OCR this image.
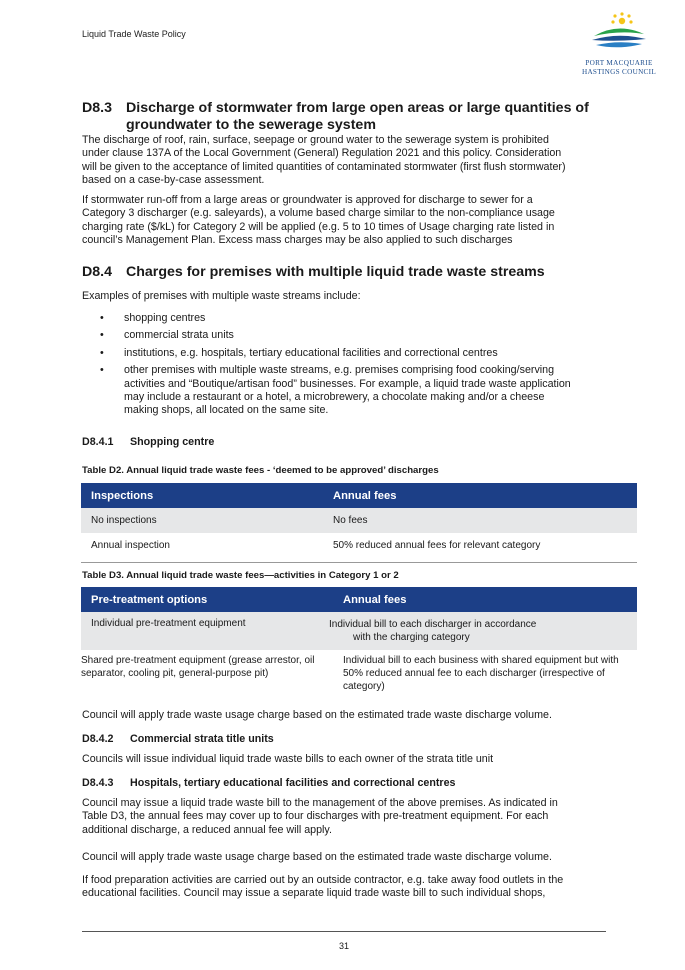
Liquid Trade Waste Policy
PORT MACQUARIE
HASTINGS COUNCIL
D8.3 Discharge of stormwater from large open areas or large quantities of
groundwater to the sewerage system

The discharge of roof, rain, surface, seepage or ground water to the sewerage system is prohibited
under clause 137A of the Local Government (General) Regulation 2021 and this policy. Consideration
will be given to the acceptance of limited quantities of contaminated stormwater (first flush stormwater)
based on a case-by-case assessment.

If stormwater run-off from a large areas or groundwater is approved for discharge to sewer for a
Category 3 discharger (e.g. saleyards), a volume based charge similar to the non-compliance usage
charging rate ($/kL) for Category 2 will be applied (e.g. 5 to 10 times of Usage charging rate listed in
council’s Management Plan. Excess mass charges may be also applied to such discharges

D8.4 Charges for premises with multiple liquid trade waste streams
Examples of premises with multiple waste streams include:
• shopping centres
• commercial strata units
• institutions, e.g. hospitals, tertiary educational facilities and correctional centres
• other premises with multiple waste streams, e.g. premises comprising food cooking/serving
activities and “Boutique/artisan food” businesses. For example, a liquid trade waste application
may include a restaurant or a hotel, a microbrewery, a chocolate making and/or a cheese
making shops, all located on the same site.
D8.4.1 Shopping centre
Table D2. Annual liquid trade waste fees - ‘deemed to be approved’ discharges
Inspections	Annual fees
No inspections	No fees
Annual inspection	50% reduced annual fees for relevant category
Table D3. Annual liquid trade waste fees—activities in Category 1 or 2
Pre-treatment options	Annual fees
Individual pre-treatment equipment	Individual bill to each discharger in accordance
with the charging category
Shared pre-treatment equipment (grease arrestor, oil
separator, cooling pit, general-purpose pit)	Individual bill to each business with shared equipment but with
50% reduced annual fee to each discharger (irrespective of
category)
Council will apply trade waste usage charge based on the estimated trade waste discharge volume.
D8.4.2 Commercial strata title units
Councils will issue individual liquid trade waste bills to each owner of the strata title unit
D8.4.3 Hospitals, tertiary educational facilities and correctional centres

Council may issue a liquid trade waste bill to the management of the above premises. As indicated in
Table D3, the annual fees may cover up to four discharges with pre-treatment equipment. For each
additional discharge, a reduced annual fee will apply.

Council will apply trade waste usage charge based on the estimated trade waste discharge volume.

If food preparation activities are carried out by an outside contractor, e.g. take away food outlets in the
educational facilities. Council may issue a separate liquid trade waste bill to such individual shops,

31
